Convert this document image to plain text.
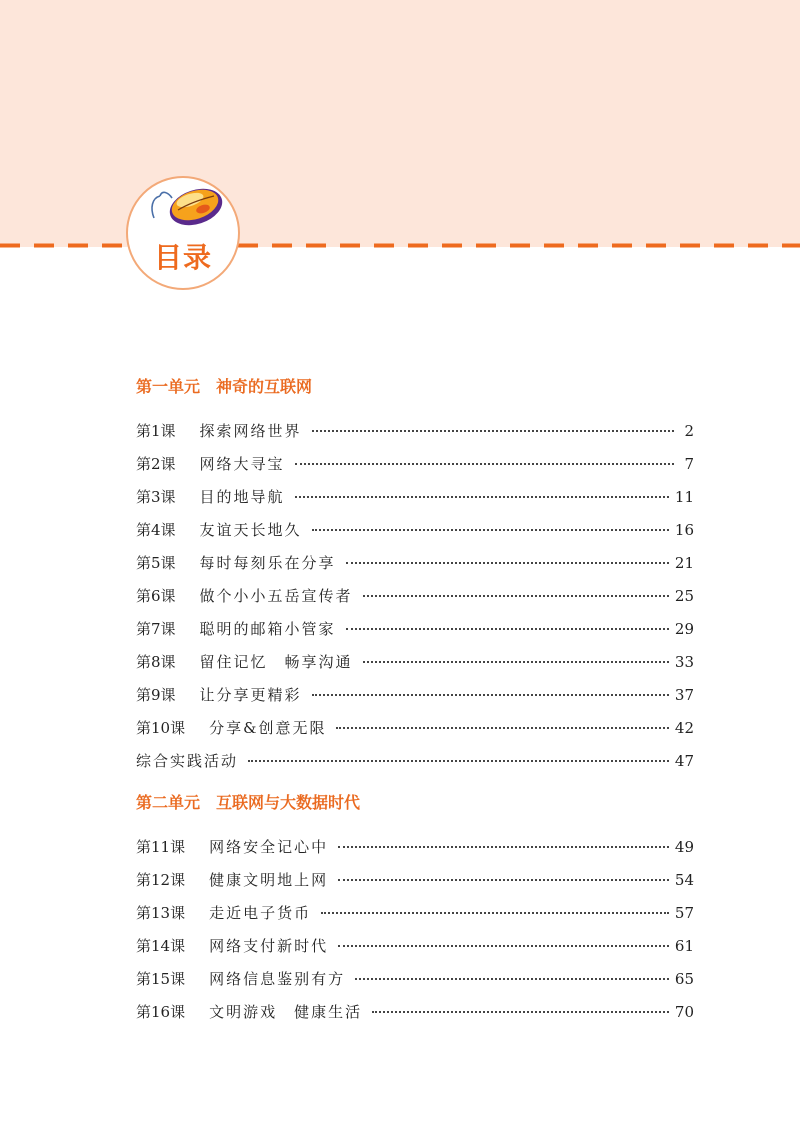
目录
第一单元　神奇的互联网
第1课 探索网络世界	2
第2课 网络大寻宝	7
第3课 目的地导航	11
第4课 友谊天长地久	16
第5课 每时每刻乐在分享	21
第6课 做个小小五岳宣传者	25
第7课 聪明的邮箱小管家	29
第8课 留住记忆　畅享沟通	33
第9课 让分享更精彩	37
第10课 分享&创意无限	42
综合实践活动	47
第二单元　互联网与大数据时代
第11课 网络安全记心中	49
第12课 健康文明地上网	54
第13课 走近电子货币	57
第14课 网络支付新时代	61
第15课 网络信息鉴别有方	65
第16课 文明游戏　健康生活	70
